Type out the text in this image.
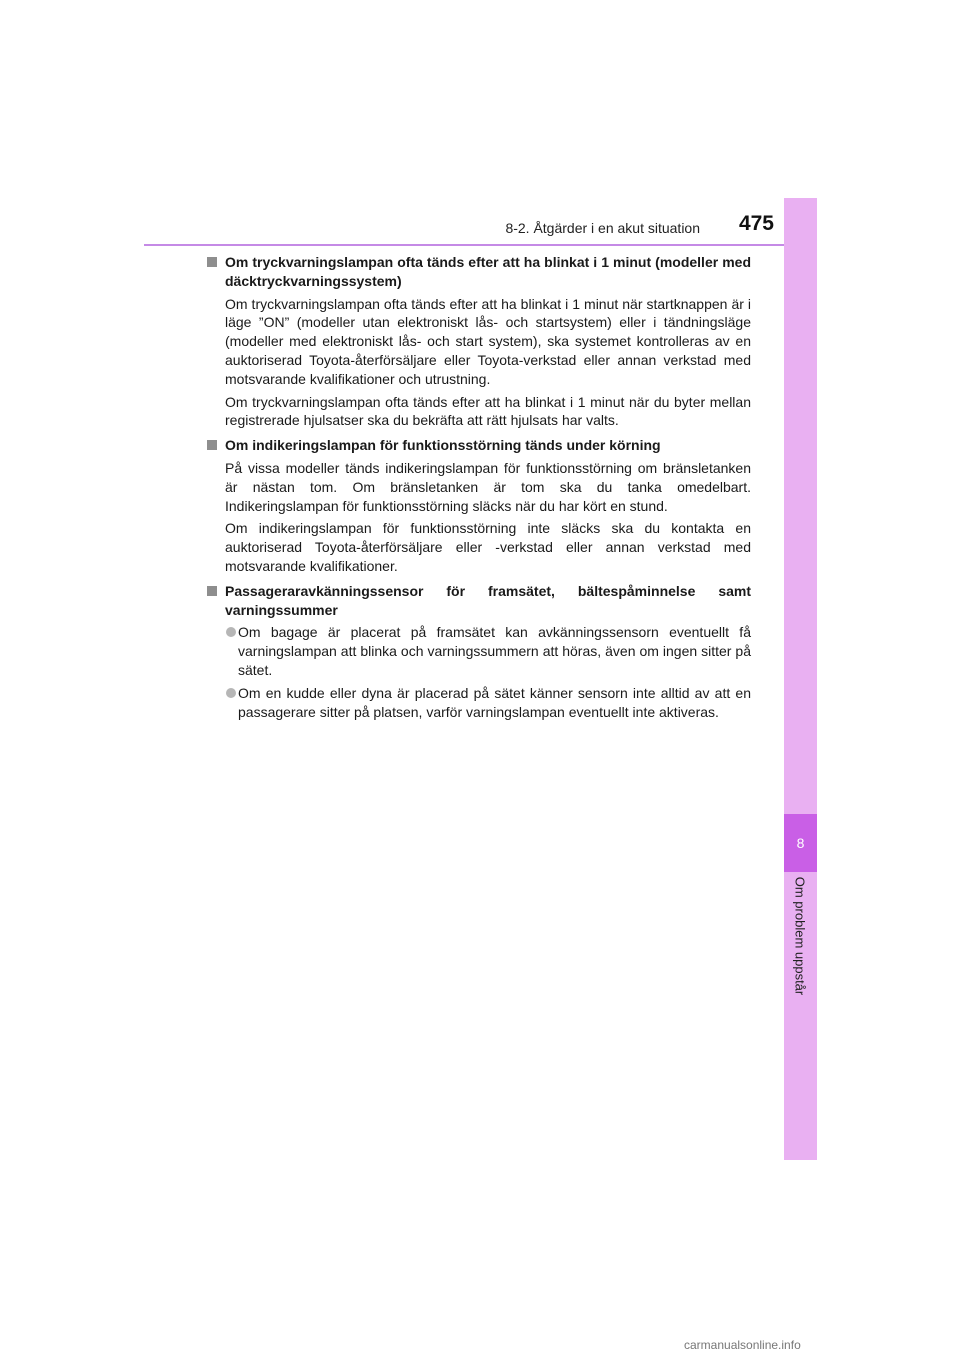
8-2. Åtgärder i en akut situation	475
8
Om problem uppstår
Om tryckvarningslampan ofta tänds efter att ha blinkat i 1 minut (modeller med däcktryckvarningssystem)

Om tryckvarningslampan ofta tänds efter att ha blinkat i 1 minut när startknappen är i läge ”ON” (modeller utan elektroniskt lås- och startsystem) eller i tändningsläge (modeller med elektroniskt lås- och start system), ska systemet kontrolleras av en auktoriserad Toyota-återförsäljare eller Toyota-verkstad eller annan verkstad med motsvarande kvalifikationer och utrustning.

Om tryckvarningslampan ofta tänds efter att ha blinkat i 1 minut när du byter mellan registrerade hjulsatser ska du bekräfta att rätt hjulsats har valts.

Om indikeringslampan för funktionsstörning tänds under körning

På vissa modeller tänds indikeringslampan för funktionsstörning om bränsletanken är nästan tom. Om bränsletanken är tom ska du tanka omedelbart. Indikeringslampan för funktionsstörning släcks när du har kört en stund.

Om indikeringslampan för funktionsstörning inte släcks ska du kontakta en auktoriserad Toyota-återförsäljare eller -verkstad eller annan verkstad med motsvarande kvalifikationer.

Passageraravkänningssensor för framsätet, bältespåminnelse samt varningssummer
Om bagage är placerat på framsätet kan avkänningssensorn eventuellt få varningslampan att blinka och varningssummern att höras, även om ingen sitter på sätet.
Om en kudde eller dyna är placerad på sätet känner sensorn inte alltid av att en passagerare sitter på platsen, varför varningslampan eventuellt inte aktiveras.
carmanualsonline.info
